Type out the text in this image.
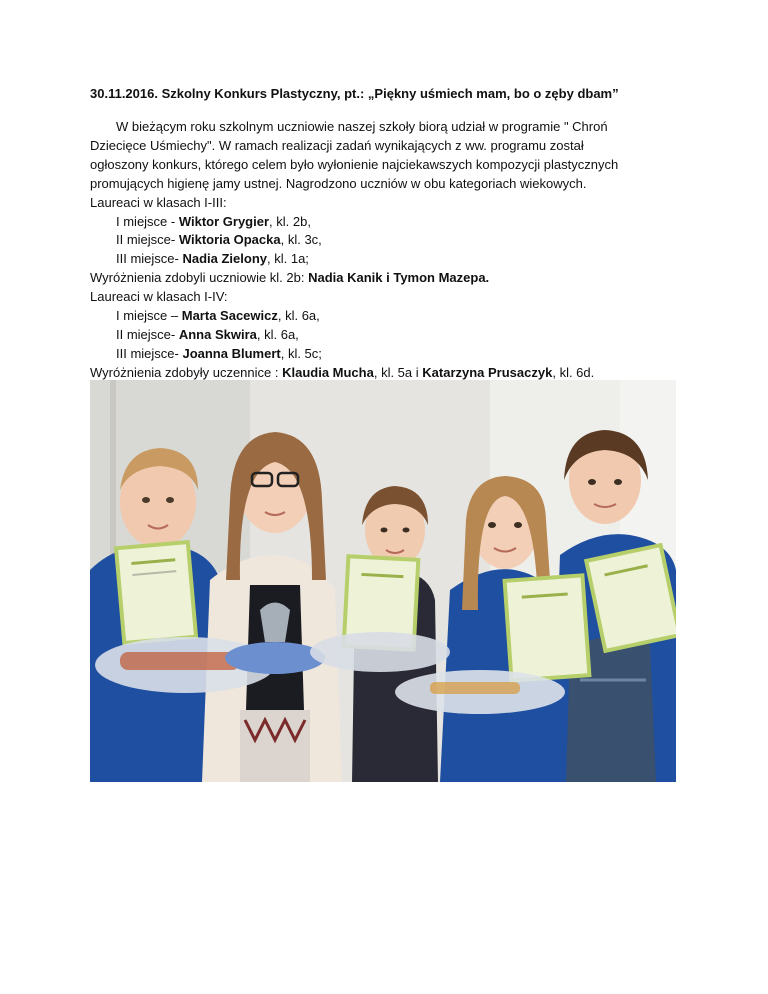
30.11.2016. Szkolny Konkurs Plastyczny, pt.: „Piękny uśmiech mam, bo o zęby dbam”
W bieżącym roku szkolnym uczniowie naszej szkoły biorą udział w programie " Chroń
Dziecięce Uśmiechy". W ramach realizacji zadań wynikających z ww. programu został
ogłoszony konkurs, którego celem było wyłonienie najciekawszych kompozycji plastycznych
promujących higienę jamy ustnej. Nagrodzono uczniów w obu kategoriach wiekowych.
Laureaci w klasach I-III:
I miejsce - Wiktor Grygier, kl. 2b,
II miejsce- Wiktoria Opacka, kl. 3c,
III miejsce- Nadia Zielony, kl. 1a;
Wyróżnienia zdobyli uczniowie kl. 2b: Nadia Kanik i Tymon Mazepa.
Laureaci w klasach I-IV:
I miejsce – Marta Sacewicz, kl. 6a,
II miejsce- Anna Skwira, kl. 6a,
III miejsce- Joanna Blumert, kl. 5c;
Wyróżnienia zdobyły uczennice : Klaudia Mucha, kl. 5a i Katarzyna Prusaczyk, kl. 6d.
